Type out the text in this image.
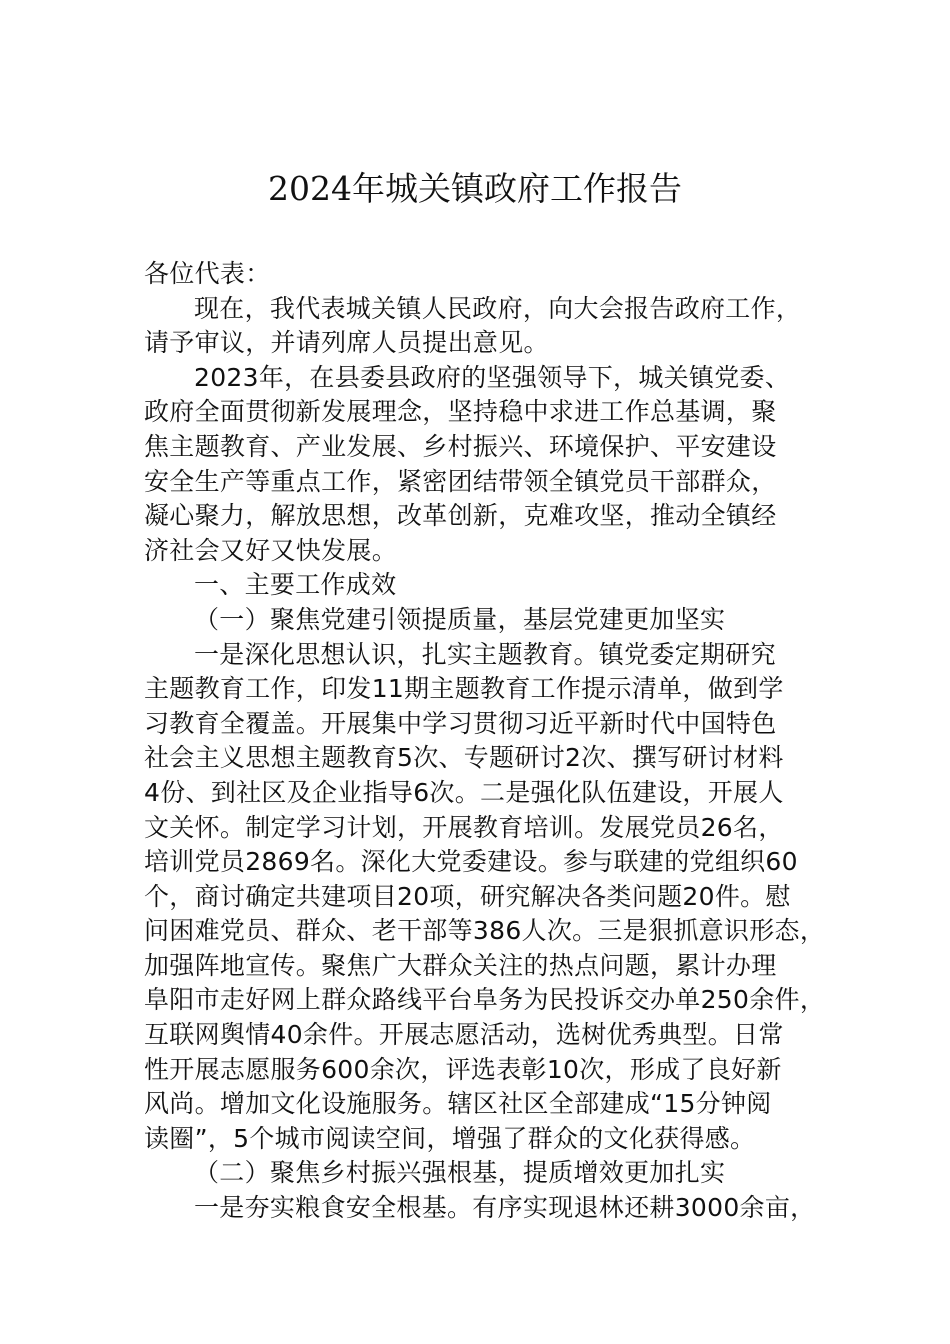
2024年城关镇政府工作报告
各位代表：
现在，我代表城关镇人民政府，向大会报告政府工作，
请予审议，并请列席人员提出意见。
2023年，在县委县政府的坚强领导下，城关镇党委、
政府全面贯彻新发展理念，坚持稳中求进工作总基调，聚
焦主题教育、产业发展、乡村振兴、环境保护、平安建设
安全生产等重点工作，紧密团结带领全镇党员干部群众，
凝心聚力，解放思想，改革创新，克难攻坚，推动全镇经
济社会又好又快发展。
一、主要工作成效
（一）聚焦党建引领提质量，基层党建更加坚实
一是深化思想认识，扎实主题教育。镇党委定期研究
主题教育工作，印发11期主题教育工作提示清单，做到学
习教育全覆盖。开展集中学习贯彻习近平新时代中国特色
社会主义思想主题教育5次、专题研讨2次、撰写研讨材料
4份、到社区及企业指导6次。二是强化队伍建设，开展人
文关怀。制定学习计划，开展教育培训。发展党员26名，
培训党员2869名。深化大党委建设。参与联建的党组织60
个，商讨确定共建项目20项，研究解决各类问题20件。慰
问困难党员、群众、老干部等386人次。三是狠抓意识形态，
加强阵地宣传。聚焦广大群众关注的热点问题，累计办理
阜阳市走好网上群众路线平台阜务为民投诉交办单250余件，
互联网舆情40余件。开展志愿活动，选树优秀典型。日常
性开展志愿服务600余次，评选表彰10次，形成了良好新
风尚。增加文化设施服务。辖区社区全部建成“15分钟阅
读圈”，5个城市阅读空间，增强了群众的文化获得感。
（二）聚焦乡村振兴强根基，提质增效更加扎实
一是夯实粮食安全根基。有序实现退林还耕3000余亩，
